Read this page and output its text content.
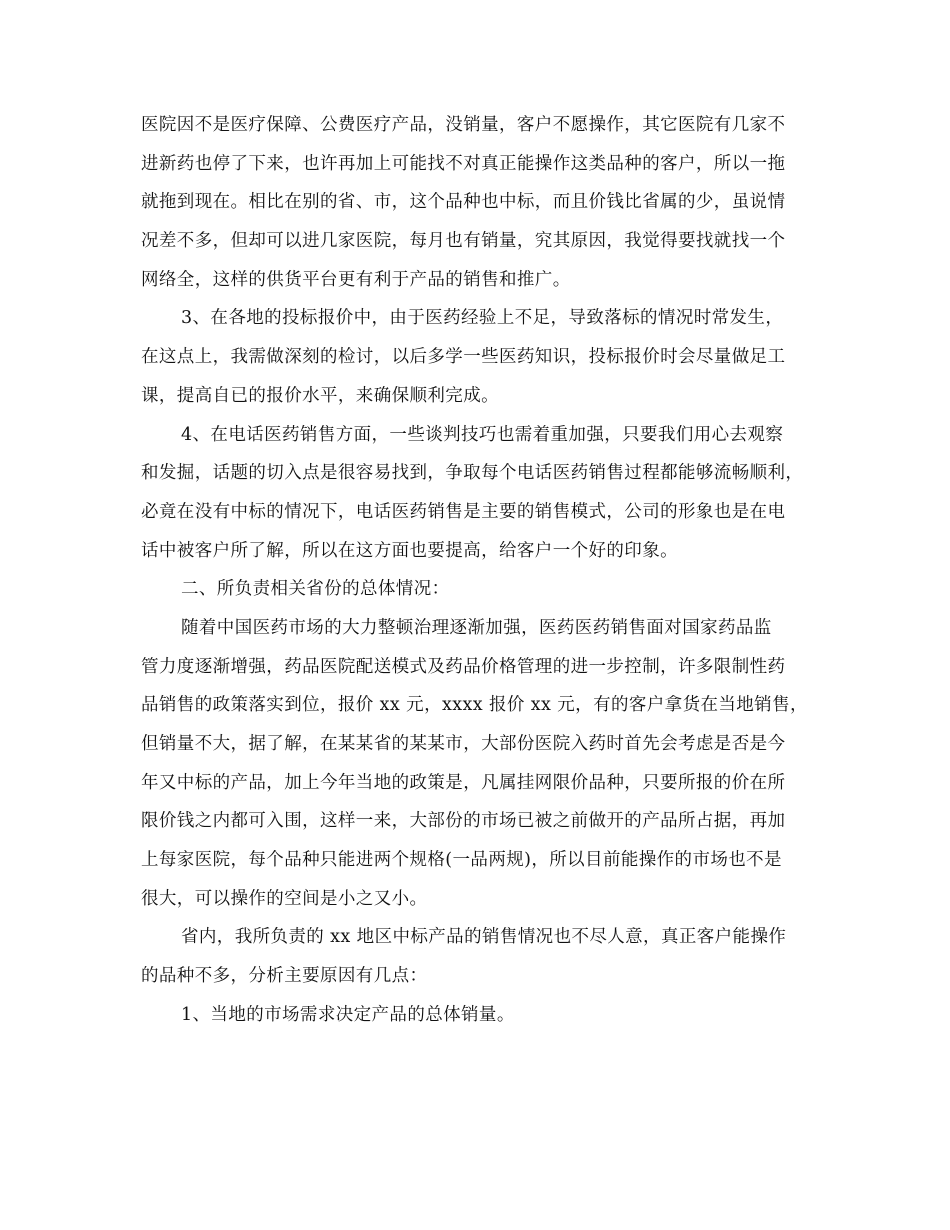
医院因不是医疗保障、公费医疗产品，没销量，客户不愿操作，其它医院有几家不
进新药也停了下来，也许再加上可能找不对真正能操作这类品种的客户，所以一拖
就拖到现在。相比在别的省、市，这个品种也中标，而且价钱比省属的少，虽说情
况差不多，但却可以进几家医院，每月也有销量，究其原因，我觉得要找就找一个
网络全，这样的供货平台更有利于产品的销售和推广。
3、在各地的投标报价中，由于医药经验上不足，导致落标的情况时常发生，
在这点上，我需做深刻的检讨，以后多学一些医药知识，投标报价时会尽量做足工
课，提高自已的报价水平，来确保顺利完成。
4、在电话医药销售方面，一些谈判技巧也需着重加强，只要我们用心去观察
和发掘，话题的切入点是很容易找到，争取每个电话医药销售过程都能够流畅顺利，
必竟在没有中标的情况下，电话医药销售是主要的销售模式，公司的形象也是在电
话中被客户所了解，所以在这方面也要提高，给客户一个好的印象。
二、所负责相关省份的总体情况：
随着中国医药市场的大力整顿治理逐渐加强，医药医药销售面对国家药品监
管力度逐渐增强，药品医院配送模式及药品价格管理的进一步控制，许多限制性药
品销售的政策落实到位，报价 xx 元，xxxx 报价 xx 元，有的客户拿货在当地销售，
但销量不大，据了解，在某某省的某某市，大部份医院入药时首先会考虑是否是今
年又中标的产品，加上今年当地的政策是，凡属挂网限价品种，只要所报的价在所
限价钱之内都可入围，这样一来，大部份的市场已被之前做开的产品所占据，再加
上每家医院，每个品种只能进两个规格(一品两规)，所以目前能操作的市场也不是
很大，可以操作的空间是小之又小。
省内，我所负责的 xx 地区中标产品的销售情况也不尽人意，真正客户能操作
的品种不多，分析主要原因有几点：
1、当地的市场需求决定产品的总体销量。
